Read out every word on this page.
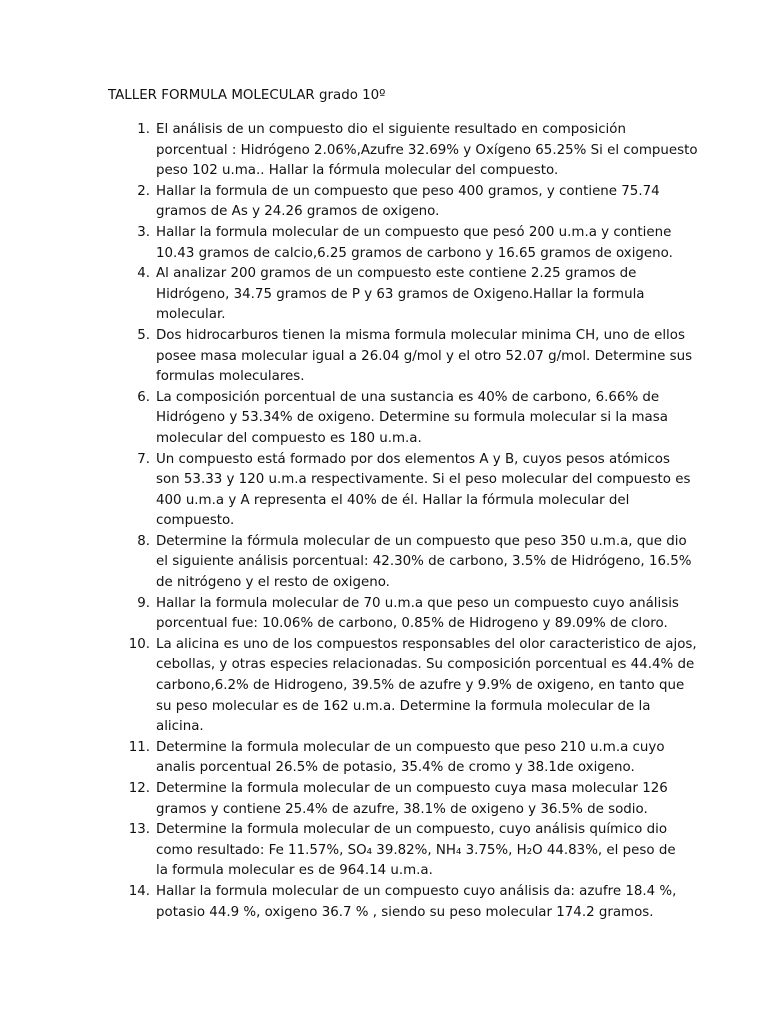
TALLER FORMULA MOLECULAR grado 10º
1. El análisis de un compuesto dio el siguiente resultado en composición
porcentual : Hidrógeno 2.06%,Azufre 32.69% y Oxígeno 65.25% Si el compuesto
peso 102 u.ma.. Hallar la fórmula molecular del compuesto.
2. Hallar la formula de un compuesto que peso 400 gramos, y contiene 75.74
gramos de As y 24.26 gramos de oxigeno.
3. Hallar la formula molecular de un compuesto que pesó 200 u.m.a y contiene
10.43 gramos de calcio,6.25 gramos de carbono y 16.65 gramos de oxigeno.
4. Al analizar 200 gramos de un compuesto este contiene 2.25 gramos de
Hidrógeno, 34.75 gramos de P y 63 gramos de Oxigeno.Hallar la formula
molecular.
5. Dos hidrocarburos tienen la misma formula molecular minima CH, uno de ellos
posee masa molecular igual a 26.04 g/mol y el otro 52.07 g/mol. Determine sus
formulas moleculares.
6. La composición porcentual de una sustancia es 40% de carbono, 6.66% de
Hidrógeno y 53.34% de oxigeno. Determine su formula molecular si la masa
molecular del compuesto es 180 u.m.a.
7. Un compuesto está formado por dos elementos A y B, cuyos pesos atómicos
son 53.33 y 120 u.m.a respectivamente. Si el peso molecular del compuesto es
400 u.m.a y A representa el 40% de él. Hallar la fórmula molecular del
compuesto.
8. Determine la fórmula molecular de un compuesto que peso 350 u.m.a, que dio
el siguiente análisis porcentual: 42.30% de carbono, 3.5% de Hidrógeno, 16.5%
de nitrógeno y el resto de oxigeno.
9. Hallar la formula molecular de 70 u.m.a que peso un compuesto cuyo análisis
porcentual fue: 10.06% de carbono, 0.85% de Hidrogeno y 89.09% de cloro.
10. La alicina es uno de los compuestos responsables del olor caracteristico de ajos,
cebollas, y otras especies relacionadas. Su composición porcentual es 44.4% de
carbono,6.2% de Hidrogeno, 39.5% de azufre y 9.9% de oxigeno, en tanto que
su peso molecular es de 162 u.m.a. Determine la formula molecular de la
alicina.
11. Determine la formula molecular de un compuesto que peso 210 u.m.a cuyo
analis porcentual 26.5% de potasio, 35.4% de cromo y 38.1de oxigeno.
12. Determine la formula molecular de un compuesto cuya masa molecular 126
gramos y contiene 25.4% de azufre, 38.1% de oxigeno y 36.5% de sodio.
13. Determine la formula molecular de un compuesto, cuyo análisis químico dio
como resultado: Fe 11.57%, SO₄ 39.82%, NH₄ 3.75%, H₂O 44.83%, el peso de
la formula molecular es de 964.14 u.m.a.
14. Hallar la formula molecular de un compuesto cuyo análisis da: azufre 18.4 %,
potasio 44.9 %, oxigeno 36.7 % , siendo su peso molecular 174.2 gramos.
